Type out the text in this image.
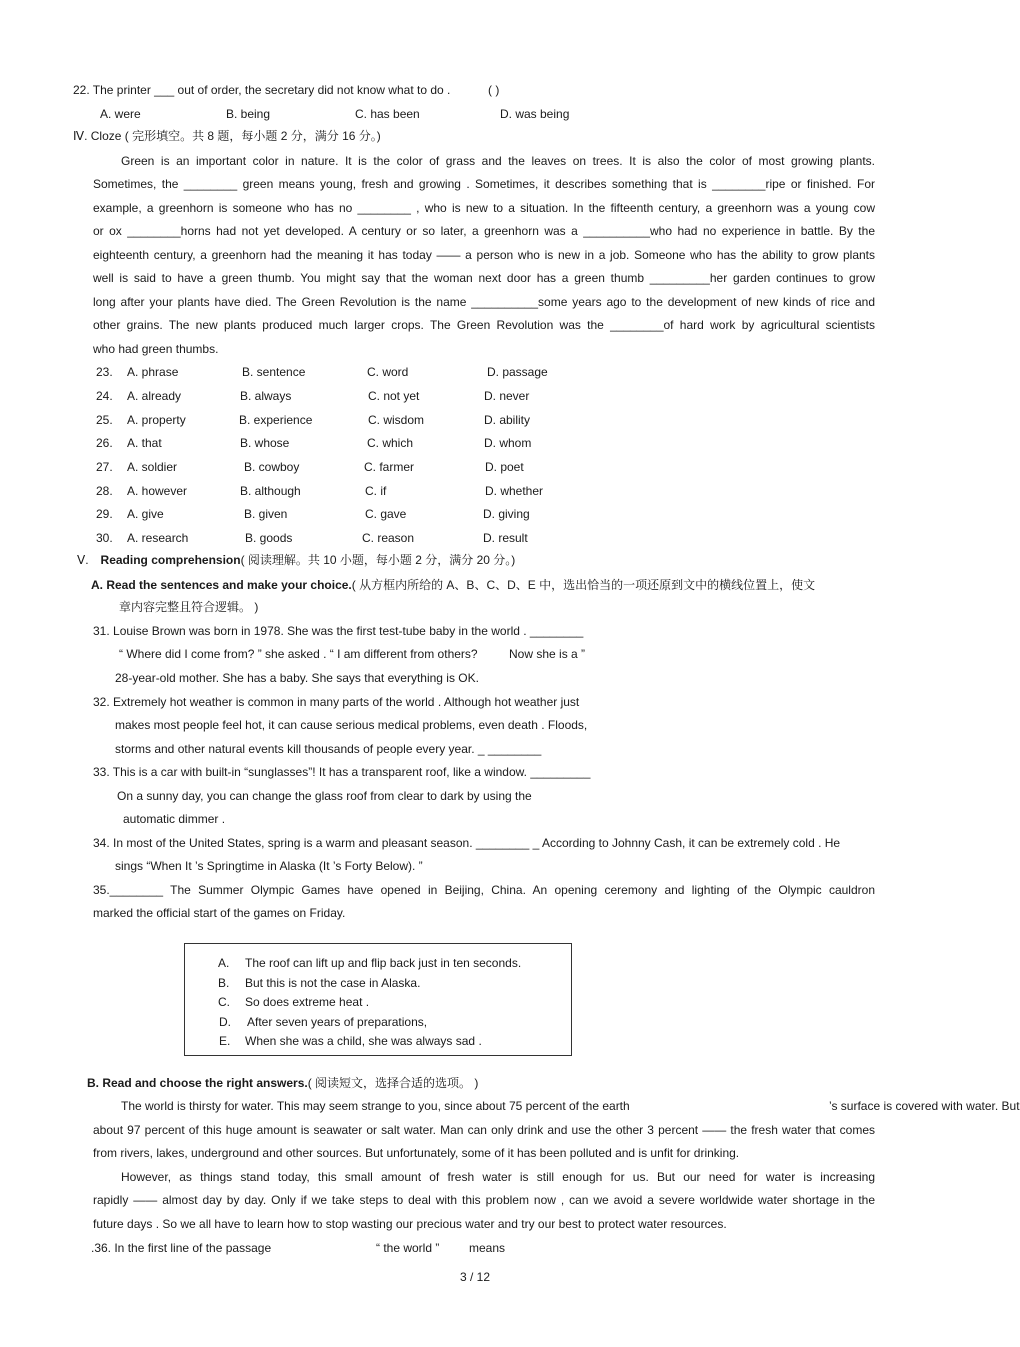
22. The printer ___ out of order, the secretary did not know what to do .	( )
A. were	B. being	C. has been	D. was being
Ⅳ. Cloze ( 完形填空。共 8 题，每小题 2 分，满分 16 分。)
Green is an important color in nature. It is the color of grass and the leaves on trees. It is also the color of most growing plants.
Sometimes, the ________ green means young, fresh and growing . Sometimes, it describes something that is ________ripe or finished. For
example, a greenhorn is someone who has no ________ , who is new to a situation. In the fifteenth century, a greenhorn was a young cow
or ox ________horns had not yet developed. A century or so later, a greenhorn was a __________who had no experience in battle. By the
eighteenth century, a greenhorn had the meaning it has today —— a person who is new in a job. Someone who has the ability to grow plants
well is said to have a green thumb. You might say that the woman next door has a green thumb _________her garden continues to grow
long after your plants have died. The Green Revolution is the name __________some years ago to the development of new kinds of rice and
other grains. The new plants produced much larger crops. The Green Revolution was the ________of hard work by agricultural scientists
who had green thumbs.
23. A. phrase	B. sentence	C. word	D. passage
24. A. already	B. always	C. not yet	D. never
25. A. property	B. experience	C. wisdom	D. ability
26. A. that	B. whose	C. which	D. whom
27. A. soldier	B. cowboy	C. farmer	D. poet
28. A. however	B. although	C. if	D. whether
29. A. give	B. given	C. gave	D. giving
30. A. research	B. goods	C. reason	D. result
Ⅴ. Reading comprehension( 阅读理解。共 10 小题，每小题 2 分，满分 20 分。)
A. Read the sentences and make your choice.( 从方框内所给的 A、B、C、D、E 中，选出恰当的一项还原到文中的横线位置上，使文
章内容完整且符合逻辑。 )
31. Louise Brown was born in 1978. She was the first test-tube baby in the world . ________
“ Where did I come from? ” she asked . “ I am different from others?	Now she is a ”
28-year-old mother. She has a baby. She says that everything is OK.
32. Extremely hot weather is common in many parts of the world . Although hot weather just
makes most people feel hot, it can cause serious medical problems, even death . Floods,
storms and other natural events kill thousands of people every year. _ ________
33. This is a car with built-in “sunglasses”! It has a transparent roof, like a window. _________
On a sunny day, you can change the glass roof from clear to dark by using the
automatic dimmer .
34. In most of the United States, spring is a warm and pleasant season. ________ _ According to Johnny Cash, it can be extremely cold . He
sings “When It ’s Springtime in Alaska (It ’s Forty Below). ”
35.________ The Summer Olympic Games have opened in Beijing, China. An opening ceremony and lighting of the Olympic cauldron
marked the official start of the games on Friday.
A. The roof can lift up and flip back just in ten seconds.
B. But this is not the case in Alaska.
C. So does extreme heat .
D. After seven years of preparations,
E. When she was a child, she was always sad .
B. Read and choose the right answers.( 阅读短文，选择合适的选项。 )
The world is thirsty for water. This may seem strange to you, since about 75 percent of the earth	’s surface is covered with water. But
about 97 percent of this huge amount is seawater or salt water. Man can only drink and use the other 3 percent —— the fresh water that comes
from rivers, lakes, underground and other sources. But unfortunately, some of it has been polluted and is unfit for drinking.
However, as things stand today, this small amount of fresh water is still enough for us. But our need for water is increasing
rapidly —— almost day by day. Only if we take steps to deal with this problem now , can we avoid a severe worldwide water shortage in the
future days . So we all have to learn how to stop wasting our precious water and try our best to protect water resources.
.36. In the first line of the passage	“ the world ” means
3 / 12
